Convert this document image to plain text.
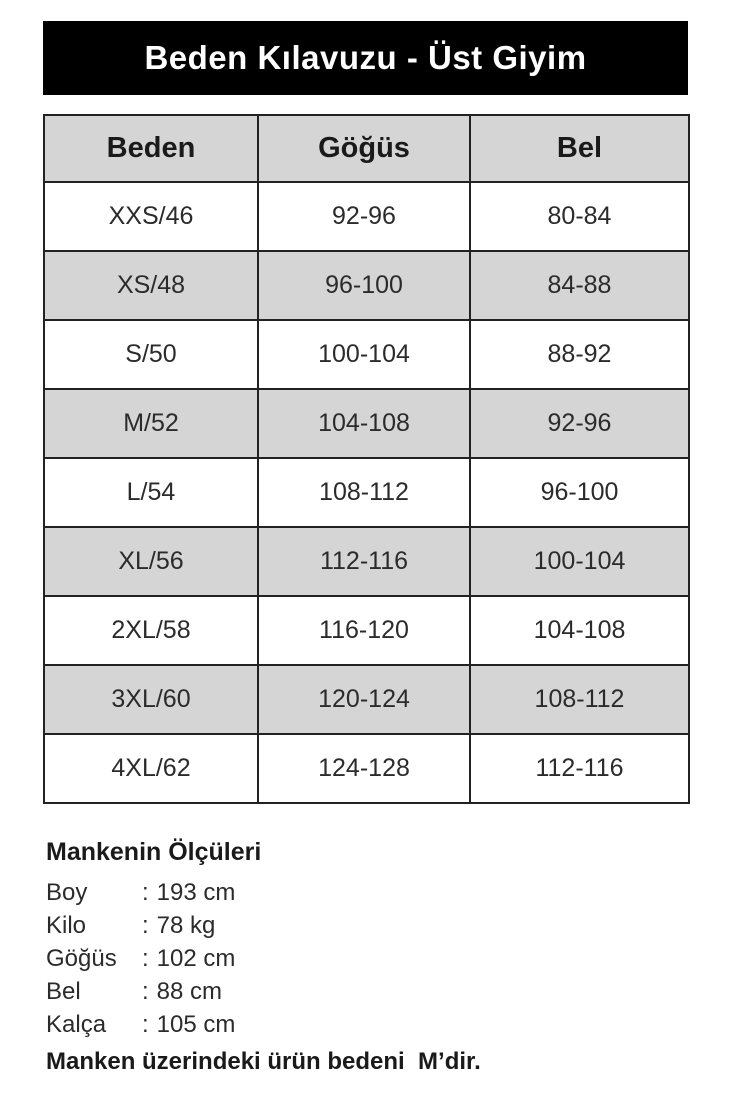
Beden Kılavuzu - Üst Giyim
Beden	Göğüs	Bel
XXS/46	92-96	80-84
XS/48	96-100	84-88
S/50	100-104	88-92
M/52	104-108	92-96
L/54	108-112	96-100
XL/56	112-116	100-104
2XL/58	116-120	104-108
3XL/60	120-124	108-112
4XL/62	124-128	112-116
Mankenin Ölçüleri
Boy	: 193 cm
Kilo	: 78 kg
Göğüs	: 102 cm
Bel	: 88 cm
Kalça	: 105 cm
Manken üzerindeki ürün bedeni  M’dir.
